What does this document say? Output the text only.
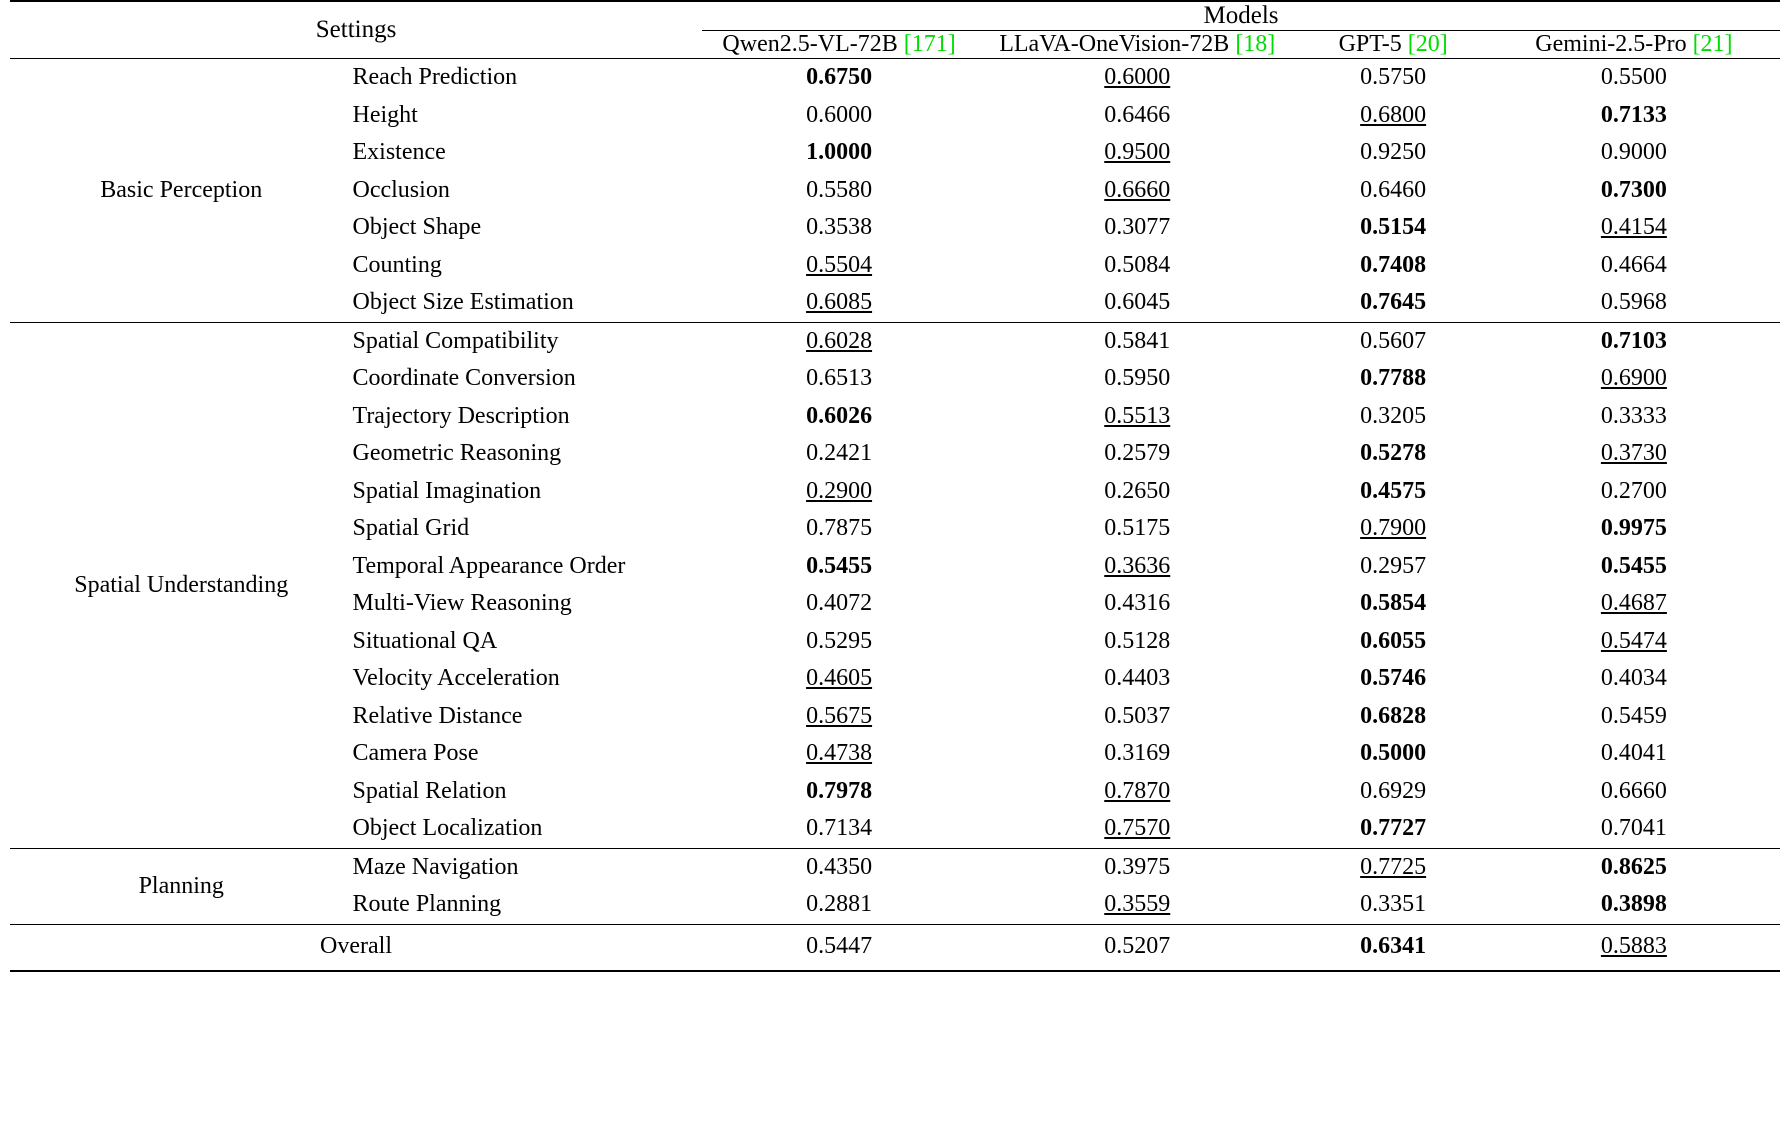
Settings		Models			
		Qwen2.5-VL-72B [171]	LLaVA-OneVision-72B [18]	GPT-5 [20]	Gemini-2.5-Pro [21]
Basic Perception	Reach Prediction	0.6750	0.6000	0.5750	0.5500
	Height	0.6000	0.6466	0.6800	0.7133
	Existence	1.0000	0.9500	0.9250	0.9000
	Occlusion	0.5580	0.6660	0.6460	0.7300
	Object Shape	0.3538	0.3077	0.5154	0.4154
	Counting	0.5504	0.5084	0.7408	0.4664
	Object Size Estimation	0.6085	0.6045	0.7645	0.5968
Spatial Understanding	Spatial Compatibility	0.6028	0.5841	0.5607	0.7103
	Coordinate Conversion	0.6513	0.5950	0.7788	0.6900
	Trajectory Description	0.6026	0.5513	0.3205	0.3333
	Geometric Reasoning	0.2421	0.2579	0.5278	0.3730
	Spatial Imagination	0.2900	0.2650	0.4575	0.2700
	Spatial Grid	0.7875	0.5175	0.7900	0.9975
	Temporal Appearance Order	0.5455	0.3636	0.2957	0.5455
	Multi-View Reasoning	0.4072	0.4316	0.5854	0.4687
	Situational QA	0.5295	0.5128	0.6055	0.5474
	Velocity Acceleration	0.4605	0.4403	0.5746	0.4034
	Relative Distance	0.5675	0.5037	0.6828	0.5459
	Camera Pose	0.4738	0.3169	0.5000	0.4041
	Spatial Relation	0.7978	0.7870	0.6929	0.6660
	Object Localization	0.7134	0.7570	0.7727	0.7041
Planning	Maze Navigation	0.4350	0.3975	0.7725	0.8625
	Route Planning	0.2881	0.3559	0.3351	0.3898
Overall		0.5447	0.5207	0.6341	0.5883
